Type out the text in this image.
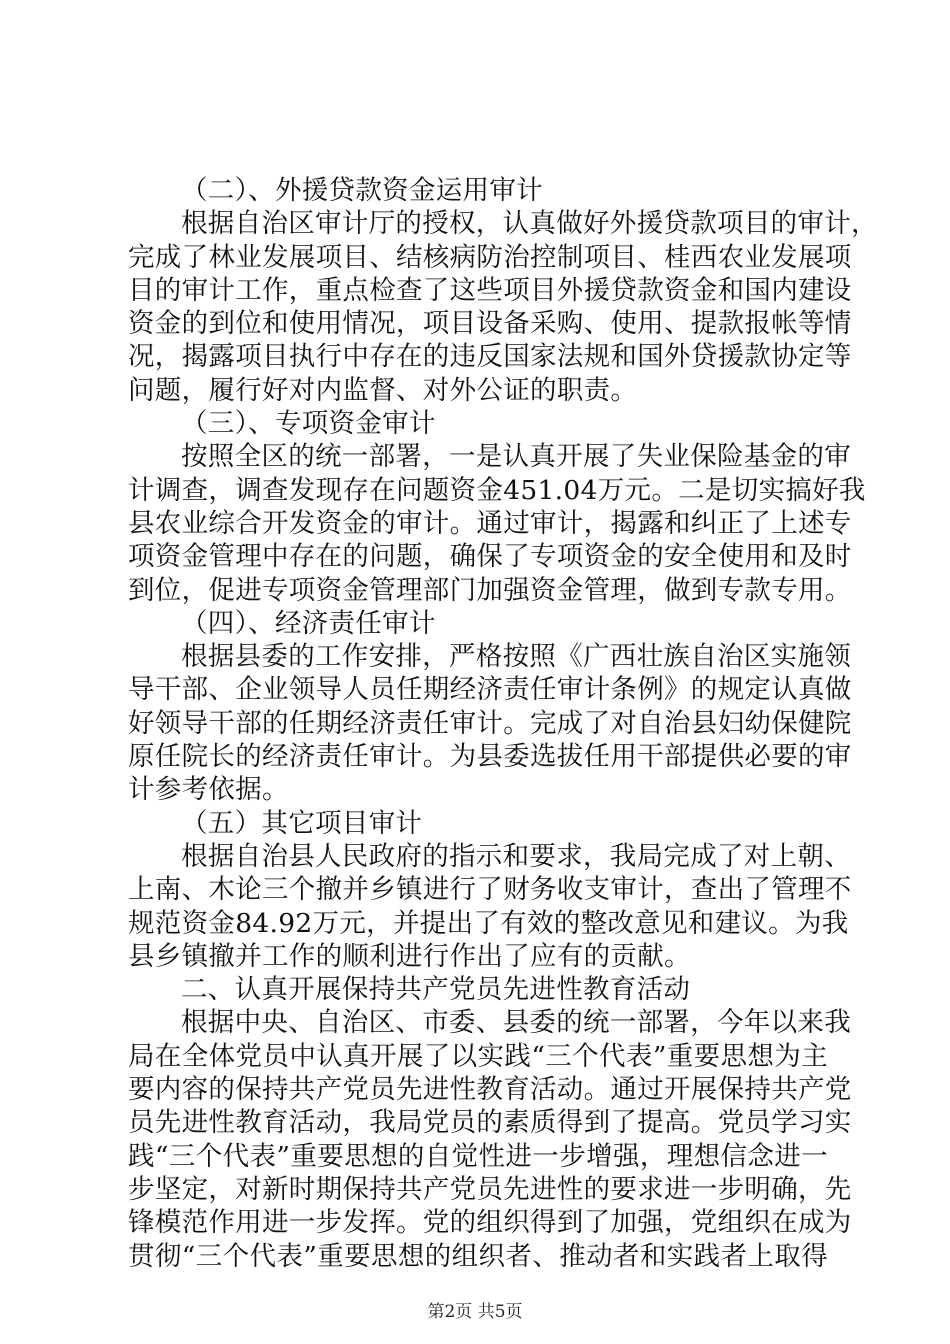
（二）、外援贷款资金运用审计
根据自治区审计厅的授权，认真做好外援贷款项目的审计，
完成了林业发展项目、结核病防治控制项目、桂西农业发展项
目的审计工作，重点检查了这些项目外援贷款资金和国内建设
资金的到位和使用情况，项目设备采购、使用、提款报帐等情
况，揭露项目执行中存在的违反国家法规和国外贷援款协定等
问题，履行好对内监督、对外公证的职责。
（三）、专项资金审计
按照全区的统一部署，一是认真开展了失业保险基金的审
计调查，调查发现存在问题资金451.04万元。二是切实搞好我
县农业综合开发资金的审计。通过审计，揭露和纠正了上述专
项资金管理中存在的问题，确保了专项资金的安全使用和及时
到位，促进专项资金管理部门加强资金管理，做到专款专用。
（四）、经济责任审计
根据县委的工作安排，严格按照《广西壮族自治区实施领
导干部、企业领导人员任期经济责任审计条例》的规定认真做
好领导干部的任期经济责任审计。完成了对自治县妇幼保健院
原任院长的经济责任审计。为县委选拔任用干部提供必要的审
计参考依据。
（五）其它项目审计
根据自治县人民政府的指示和要求，我局完成了对上朝、
上南、木论三个撤并乡镇进行了财务收支审计，查出了管理不
规范资金84.92万元，并提出了有效的整改意见和建议。为我
县乡镇撤并工作的顺利进行作出了应有的贡献。
二、认真开展保持共产党员先进性教育活动
根据中央、自治区、市委、县委的统一部署，今年以来我
局在全体党员中认真开展了以实践“三个代表”重要思想为主
要内容的保持共产党员先进性教育活动。通过开展保持共产党
员先进性教育活动，我局党员的素质得到了提高。党员学习实
践“三个代表”重要思想的自觉性进一步增强，理想信念进一
步坚定，对新时期保持共产党员先进性的要求进一步明确，先
锋模范作用进一步发挥。党的组织得到了加强，党组织在成为
贯彻“三个代表”重要思想的组织者、推动者和实践者上取得
第2页 共5页
